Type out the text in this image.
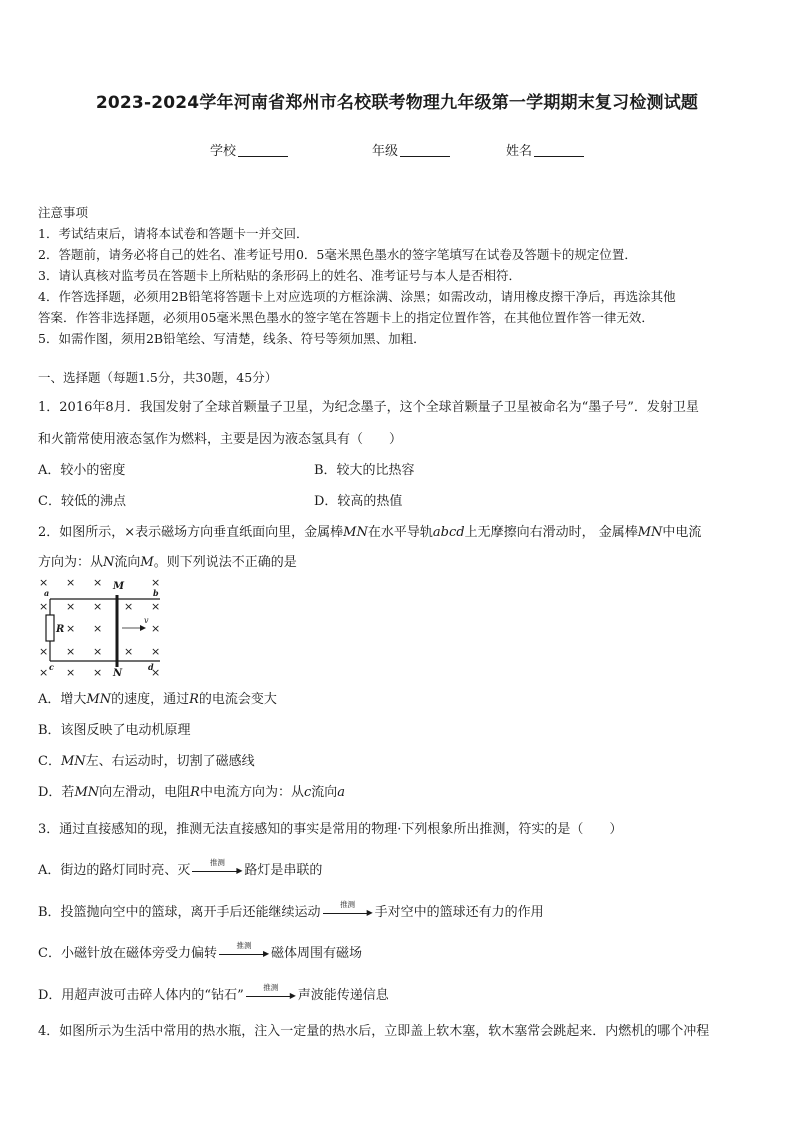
2023-2024学年河南省郑州市名校联考物理九年级第一学期期末复习检测试题
学校	年级	姓名

注意事项

1．考试结束后，请将本试卷和答题卡一并交回．

2．答题前，请务必将自己的姓名、准考证号用0．5毫米黑色墨水的签字笔填写在试卷及答题卡的规定位置．

3．请认真核对监考员在答题卡上所粘贴的条形码上的姓名、准考证号与本人是否相符．

4．作答选择题，必须用2B铅笔将答题卡上对应选项的方框涂满、涂黑；如需改动，请用橡皮擦干净后，再选涂其他

答案．作答非选择题，必须用05毫米黑色墨水的签字笔在答题卡上的指定位置作答，在其他位置作答一律无效．

5．如需作图，须用2B铅笔绘、写清楚，线条、符号等须加黑、加粗．

一、选择题（每题1.5分，共30题，45分）
1．2016年8月．我国发射了全球首颗量子卫星，为纪念墨子，这个全球首颗量子卫星被命名为“墨子号”．发射卫星
和火箭常使用液态氢作为燃料，主要是因为液态氢具有（　　）
A．较小的密度	B．较大的比热容
C．较低的沸点	D．较高的热值
2．如图所示，×表示磁场方向垂直纸面向里，金属棒MN在水平导轨abcd上无摩擦向右滑动时， 金属棒MN中电流
方向为：从N流向M。则下列说法不正确的是
× × ×	×
× × × × ×
× ×	×
× × × × ×
× × ×	×
M
N
R
v
a	b
c	d
A．增大MN的速度，通过R的电流会变大
B．该图反映了电动机原理
C．MN左、右运动时，切割了磁感线
D．若MN向左滑动，电阻R中电流方向为：从c流向a
3．通过直接感知的现，推测无法直接感知的事实是常用的物理·下列根象所出推测，符实的是（　　）
A．街边的路灯同时亮、灭
推测
▶ 路灯是串联的
B．投篮抛向空中的篮球，离开手后还能继续运动
推测
▶ 手对空中的篮球还有力的作用
C．小磁针放在磁体旁受力偏转
推测
▶ 磁体周围有磁场
D．用超声波可击碎人体内的“钻石”
推测
▶ 声波能传递信息
4．如图所示为生活中常用的热水瓶，注入一定量的热水后，立即盖上软木塞，软木塞常会跳起来．内燃机的哪个冲程
